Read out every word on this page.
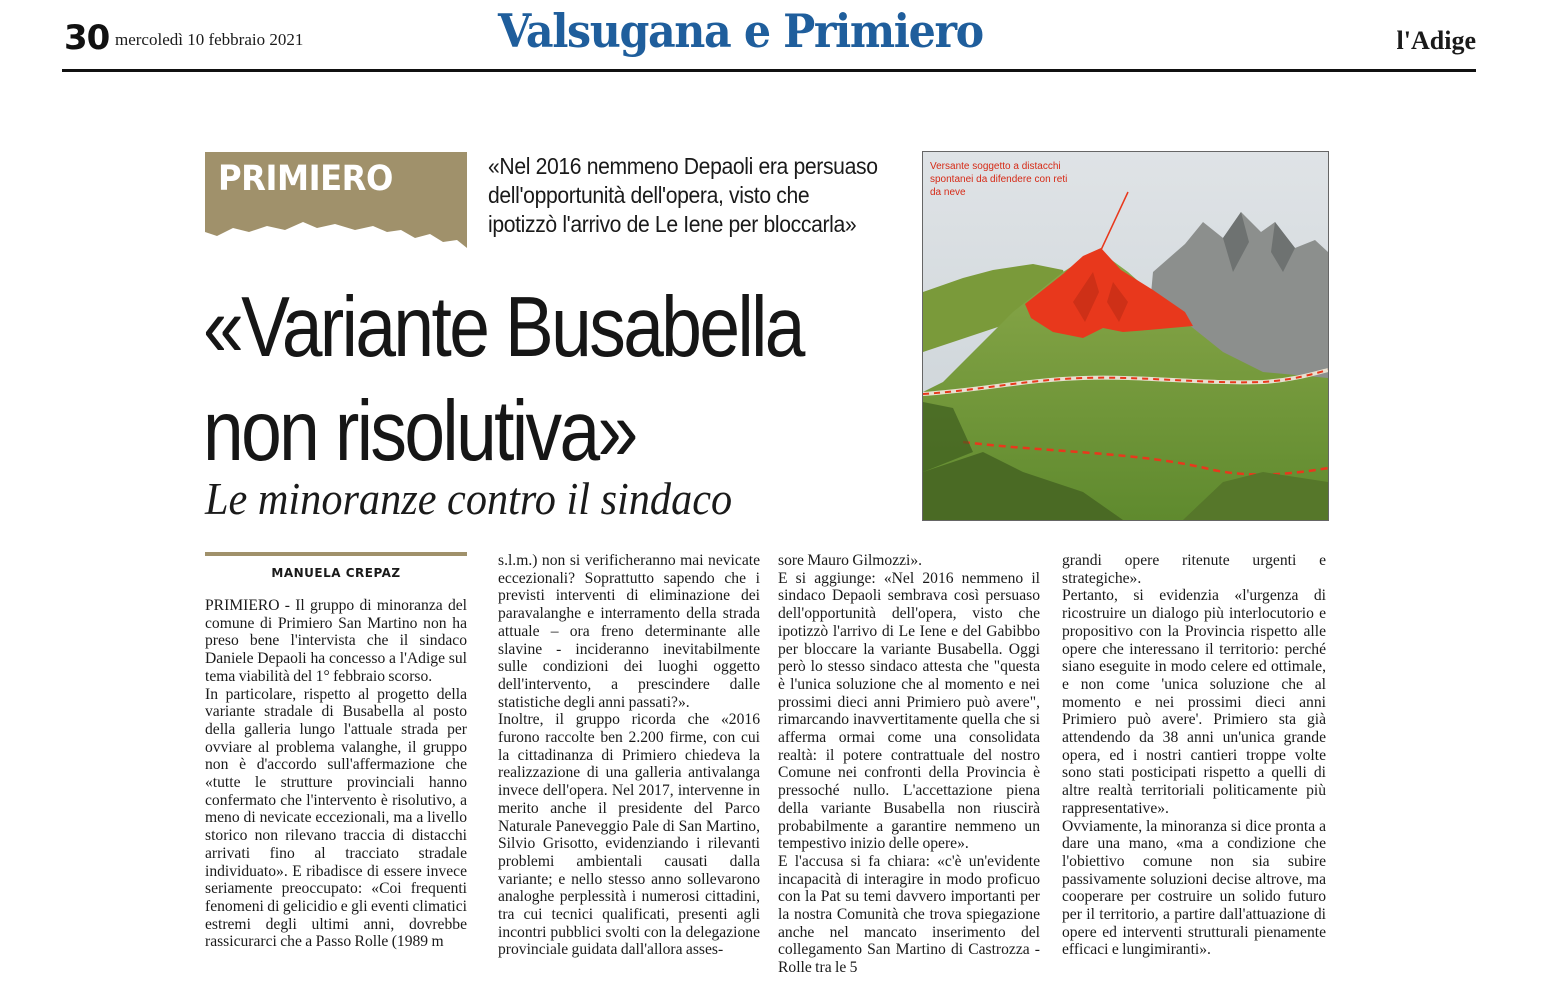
30 mercoledì 10 febbraio 2021	Valsugana e Primiero	l'Adige
PRIMIERO	«Nel 2016 nemmeno Depaoli era persuaso
dell'opportunità dell'opera, visto che
ipotizzò l'arrivo de Le Iene per bloccarla»
«Variante Busabella
non risolutiva»
Le minoranze contro il sindaco
Versante soggetto a distacchi spontanei da difendere con reti da neve
MANUELA CREPAZ

PRIMIERO - Il gruppo di minoranza del comune di Primiero San Martino non ha preso bene l'intervista che il sindaco Daniele Depaoli ha concesso a l'Adige sul tema viabilità del 1° febbraio scorso.

In particolare, rispetto al progetto della variante stradale di Busabella al posto della galleria lungo l'attuale strada per ovviare al problema valanghe, il gruppo non è d'accordo sull'affermazione che «tutte le strutture provinciali hanno confermato che l'intervento è risolutivo, a meno di nevicate eccezionali, ma a livello storico non rilevano traccia di distacchi arrivati fino al tracciato stradale individuato». E ribadisce di essere invece seriamente preoccupato: «Coi frequenti fenomeni di gelicidio e gli eventi climatici estremi degli ultimi anni, dovrebbe rassicurarci che a Passo Rolle (1989 m

s.l.m.) non si verificheranno mai nevicate eccezionali? Soprattutto sapendo che i previsti interventi di eliminazione dei paravalanghe e interramento della strada attuale – ora freno determinante alle slavine - incideranno inevitabilmente sulle condizioni dei luoghi oggetto dell'intervento, a prescindere dalle statistiche degli anni passati?».

Inoltre, il gruppo ricorda che «2016 furono raccolte ben 2.200 firme, con cui la cittadinanza di Primiero chiedeva la realizzazione di una galleria antivalanga invece dell'opera. Nel 2017, intervenne in merito anche il presidente del Parco Naturale Paneveggio Pale di San Martino, Silvio Grisotto, evidenziando i rilevanti problemi ambientali causati dalla variante; e nello stesso anno sollevarono analoghe perplessità i numerosi cittadini, tra cui tecnici qualificati, presenti agli incontri pubblici svolti con la delegazione provinciale guidata dall'allora asses-

sore Mauro Gilmozzi».

E si aggiunge: «Nel 2016 nemmeno il sindaco Depaoli sembrava così persuaso dell'opportunità dell'opera, visto che ipotizzò l'arrivo di Le Iene e del Gabibbo per bloccare la variante Busabella. Oggi però lo stesso sindaco attesta che "questa è l'unica soluzione che al momento e nei prossimi dieci anni Primiero può avere", rimarcando inavvertitamente quella che si afferma ormai come una consolidata realtà: il potere contrattuale del nostro Comune nei confronti della Provincia è pressoché nullo. L'accettazione piena della variante Busabella non riuscirà probabilmente a garantire nemmeno un tempestivo inizio delle opere».

E l'accusa si fa chiara: «c'è un'evidente incapacità di interagire in modo proficuo con la Pat su temi davvero importanti per la nostra Comunità che trova spiegazione anche nel mancato inserimento del collegamento San Martino di Castrozza - Rolle tra le 5

grandi opere ritenute urgenti e strategiche».

Pertanto, si evidenzia «l'urgenza di ricostruire un dialogo più interlocutorio e propositivo con la Provincia rispetto alle opere che interessano il territorio: perché siano eseguite in modo celere ed ottimale, e non come 'unica soluzione che al momento e nei prossimi dieci anni Primiero può avere'. Primiero sta già attendendo da 38 anni un'unica grande opera, ed i nostri cantieri troppe volte sono stati posticipati rispetto a quelli di altre realtà territoriali politicamente più rappresentative».

Ovviamente, la minoranza si dice pronta a dare una mano, «ma a condizione che l'obiettivo comune non sia subire passivamente soluzioni decise altrove, ma cooperare per costruire un solido futuro per il territorio, a partire dall'attuazione di opere ed interventi strutturali pienamente efficaci e lungimiranti».
